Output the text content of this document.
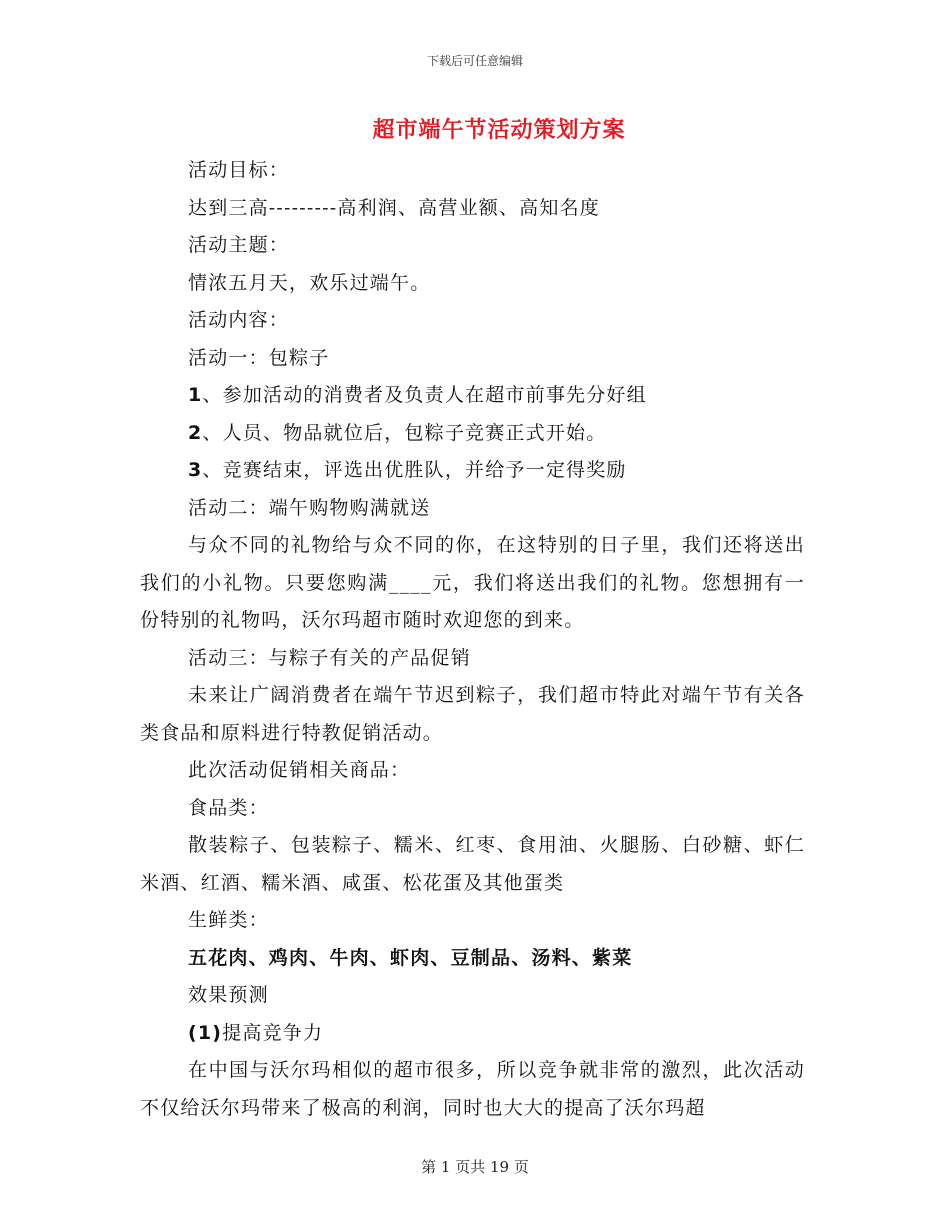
下载后可任意编辑
超市端午节活动策划方案

活动目标：

达到三高---------高利润、高营业额、高知名度

活动主题：

情浓五月天，欢乐过端午。

活动内容：

活动一：包粽子

1、参加活动的消费者及负责人在超市前事先分好组

2、人员、物品就位后，包粽子竞赛正式开始。

3、竞赛结束，评选出优胜队，并给予一定得奖励

活动二：端午购物购满就送

与众不同的礼物给与众不同的你，在这特别的日子里，我们还将送出我们的小礼物。只要您购满____元，我们将送出我们的礼物。您想拥有一份特别的礼物吗，沃尔玛超市随时欢迎您的到来。

活动三：与粽子有关的产品促销

未来让广阔消费者在端午节迟到粽子，我们超市特此对端午节有关各类食品和原料进行特教促销活动。

此次活动促销相关商品：

食品类：

散装粽子、包装粽子、糯米、红枣、食用油、火腿肠、白砂糖、虾仁米酒、红酒、糯米酒、咸蛋、松花蛋及其他蛋类

生鲜类：

五花肉、鸡肉、牛肉、虾肉、豆制品、汤料、紫菜

效果预测

(1)提高竞争力

在中国与沃尔玛相似的超市很多，所以竞争就非常的激烈，此次活动不仅给沃尔玛带来了极高的利润，同时也大大的提高了沃尔玛超

第 1 页共 19 页
